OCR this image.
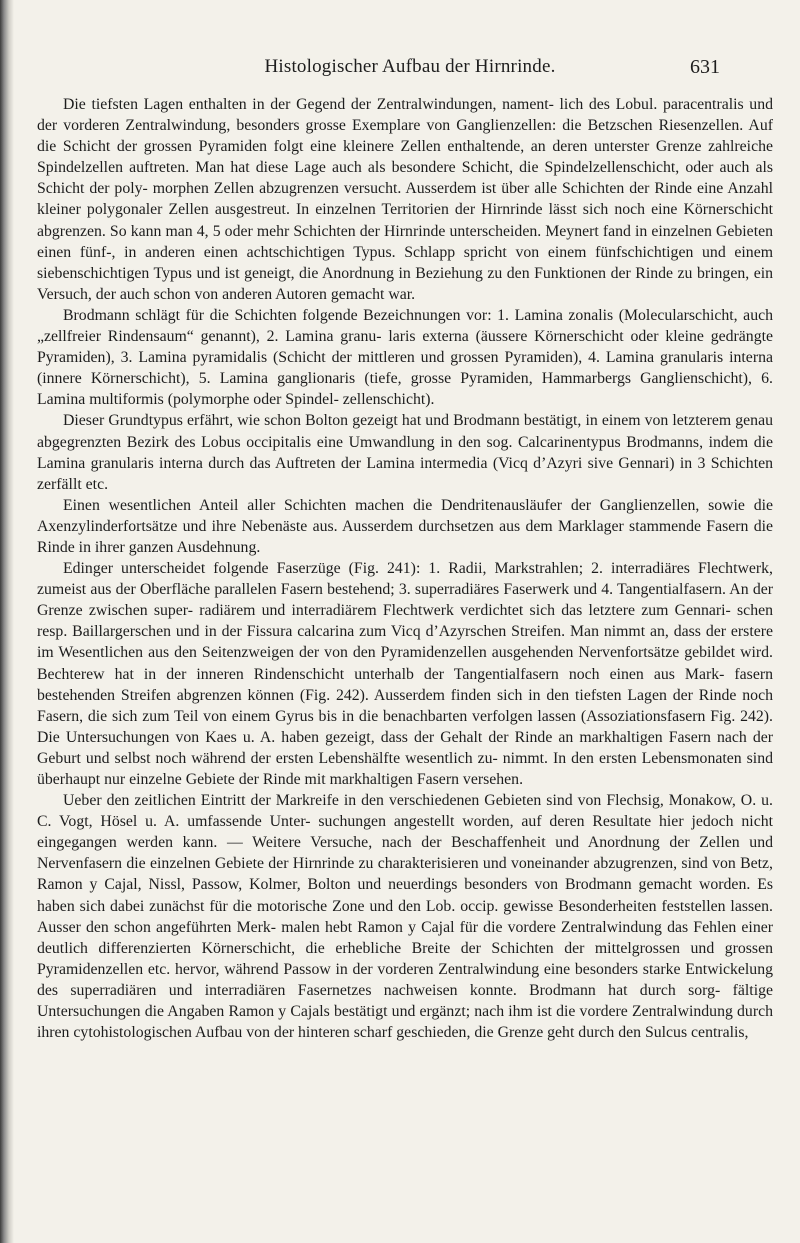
Histologischer Aufbau der Hirnrinde.	631

Die tiefsten Lagen enthalten in der Gegend der Zentralwindungen, nament- lich des Lobul. paracentralis und der vorderen Zentralwindung, besonders grosse Exemplare von Ganglienzellen: die Betzschen Riesenzellen. Auf die Schicht der grossen Pyramiden folgt eine kleinere Zellen enthaltende, an deren unterster Grenze zahlreiche Spindelzellen auftreten. Man hat diese Lage auch als besondere Schicht, die Spindelzellenschicht, oder auch als Schicht der poly- morphen Zellen abzugrenzen versucht. Ausserdem ist über alle Schichten der Rinde eine Anzahl kleiner polygonaler Zellen ausgestreut. In einzelnen Territorien der Hirnrinde lässt sich noch eine Körnerschicht abgrenzen. So kann man 4, 5 oder mehr Schichten der Hirnrinde unterscheiden. Meynert fand in einzelnen Gebieten einen fünf-, in anderen einen achtschichtigen Typus. Schlapp spricht von einem fünfschichtigen und einem siebenschichtigen Typus und ist geneigt, die Anordnung in Beziehung zu den Funktionen der Rinde zu bringen, ein Versuch, der auch schon von anderen Autoren gemacht war.

Brodmann schlägt für die Schichten folgende Bezeichnungen vor: 1. Lamina zonalis (Molecularschicht, auch „zellfreier Rindensaum“ genannt), 2. Lamina granu- laris externa (äussere Körnerschicht oder kleine gedrängte Pyramiden), 3. Lamina pyramidalis (Schicht der mittleren und grossen Pyramiden), 4. Lamina granularis interna (innere Körnerschicht), 5. Lamina ganglionaris (tiefe, grosse Pyramiden, Hammarbergs Ganglienschicht), 6. Lamina multiformis (polymorphe oder Spindel- zellenschicht).

Dieser Grundtypus erfährt, wie schon Bolton gezeigt hat und Brodmann bestätigt, in einem von letzterem genau abgegrenzten Bezirk des Lobus occipitalis eine Umwandlung in den sog. Calcarinentypus Brodmanns, indem die Lamina granularis interna durch das Auftreten der Lamina intermedia (Vicq d’Azyri sive Gennari) in 3 Schichten zerfällt etc.

Einen wesentlichen Anteil aller Schichten machen die Dendritenausläufer der Ganglienzellen, sowie die Axenzylinderfortsätze und ihre Nebenäste aus. Ausserdem durchsetzen aus dem Marklager stammende Fasern die Rinde in ihrer ganzen Ausdehnung.

Edinger unterscheidet folgende Faserzüge (Fig. 241): 1. Radii, Markstrahlen; 2. interradiäres Flechtwerk, zumeist aus der Oberfläche parallelen Fasern bestehend; 3. superradiäres Faserwerk und 4. Tangentialfasern. An der Grenze zwischen super- radiärem und interradiärem Flechtwerk verdichtet sich das letztere zum Gennari- schen resp. Baillargerschen und in der Fissura calcarina zum Vicq d’Azyrschen Streifen. Man nimmt an, dass der erstere im Wesentlichen aus den Seitenzweigen der von den Pyramidenzellen ausgehenden Nervenfortsätze gebildet wird. Bechterew hat in der inneren Rindenschicht unterhalb der Tangentialfasern noch einen aus Mark- fasern bestehenden Streifen abgrenzen können (Fig. 242). Ausserdem finden sich in den tiefsten Lagen der Rinde noch Fasern, die sich zum Teil von einem Gyrus bis in die benachbarten verfolgen lassen (Assoziationsfasern Fig. 242). Die Untersuchungen von Kaes u. A. haben gezeigt, dass der Gehalt der Rinde an markhaltigen Fasern nach der Geburt und selbst noch während der ersten Lebenshälfte wesentlich zu- nimmt. In den ersten Lebensmonaten sind überhaupt nur einzelne Gebiete der Rinde mit markhaltigen Fasern versehen.

Ueber den zeitlichen Eintritt der Markreife in den verschiedenen Gebieten sind von Flechsig, Monakow, O. u. C. Vogt, Hösel u. A. umfassende Unter- suchungen angestellt worden, auf deren Resultate hier jedoch nicht eingegangen werden kann. — Weitere Versuche, nach der Beschaffenheit und Anordnung der Zellen und Nervenfasern die einzelnen Gebiete der Hirnrinde zu charakterisieren und voneinander abzugrenzen, sind von Betz, Ramon y Cajal, Nissl, Passow, Kolmer, Bolton und neuerdings besonders von Brodmann gemacht worden. Es haben sich dabei zunächst für die motorische Zone und den Lob. occip. gewisse Besonderheiten feststellen lassen. Ausser den schon angeführten Merk- malen hebt Ramon y Cajal für die vordere Zentralwindung das Fehlen einer deutlich differenzierten Körnerschicht, die erhebliche Breite der Schichten der mittelgrossen und grossen Pyramidenzellen etc. hervor, während Passow in der vorderen Zentralwindung eine besonders starke Entwickelung des superradiären und interradiären Fasernetzes nachweisen konnte. Brodmann hat durch sorg- fältige Untersuchungen die Angaben Ramon y Cajals bestätigt und ergänzt; nach ihm ist die vordere Zentralwindung durch ihren cytohistologischen Aufbau von der hinteren scharf geschieden, die Grenze geht durch den Sulcus centralis,
